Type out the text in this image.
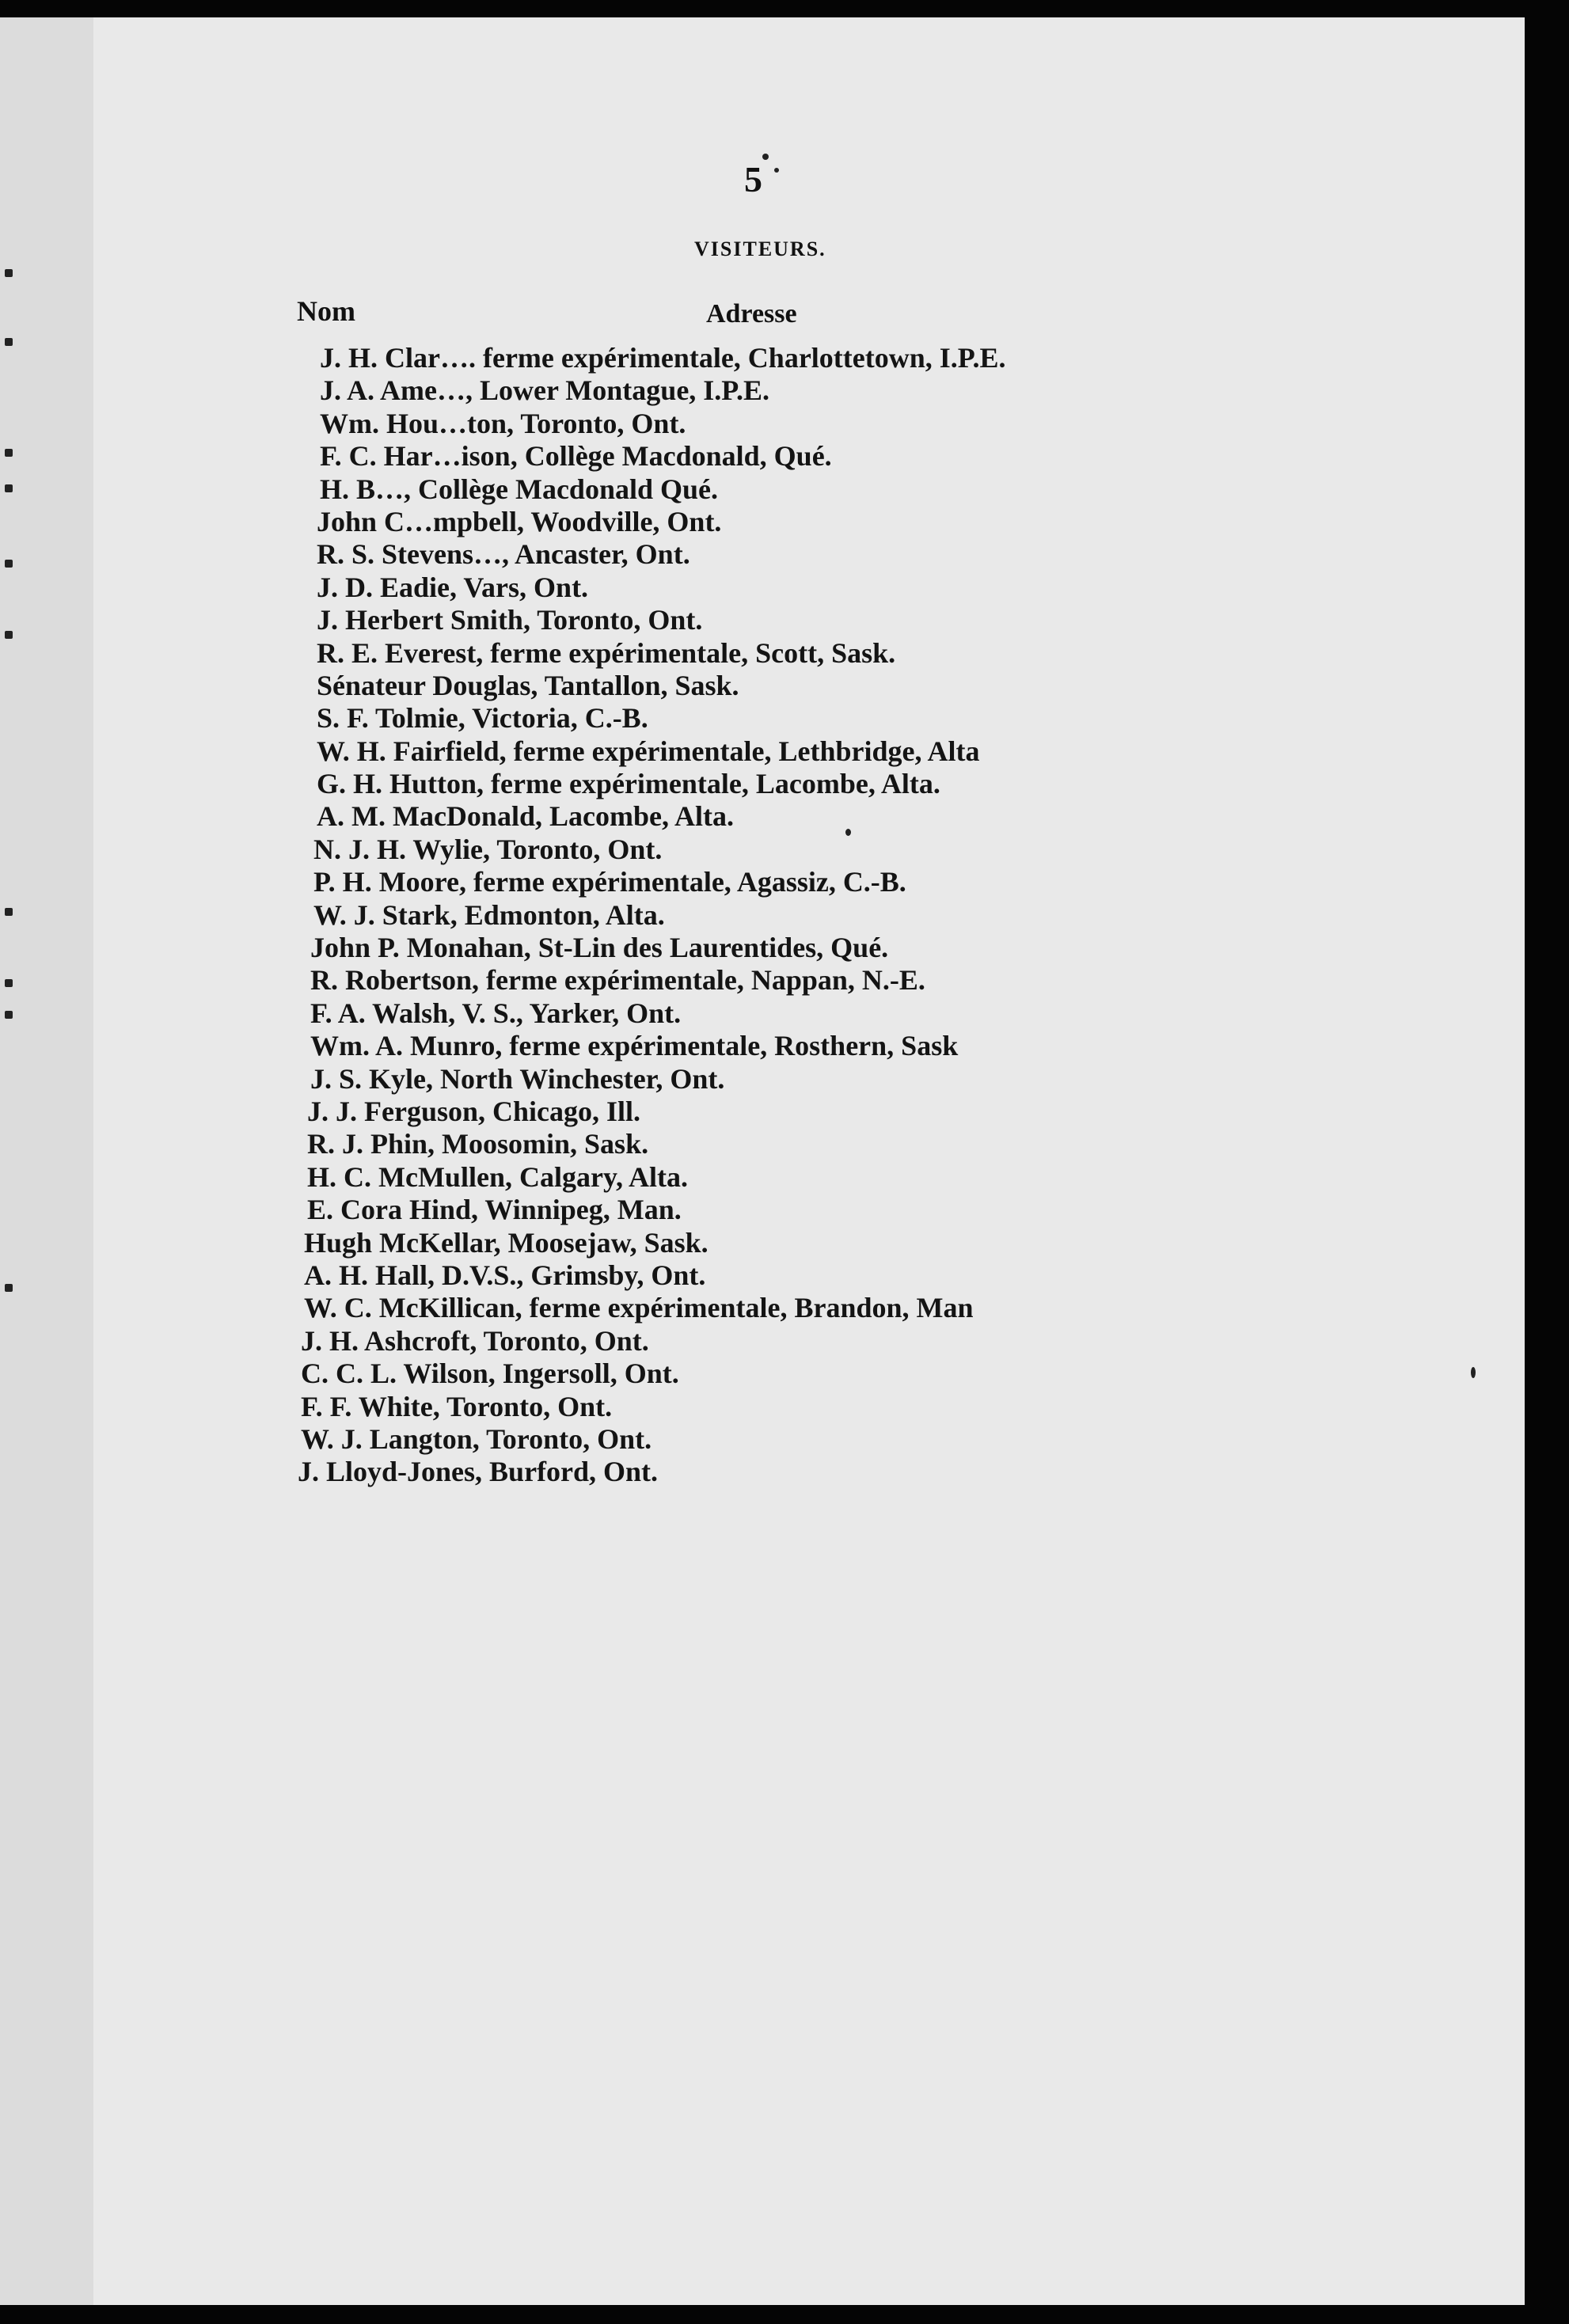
5
VISITEURS.
Nom	Adresse
J. H. Clar…. ferme expérimentale, Charlottetown, I.P.E.
J. A. Ame…, Lower Montague, I.P.E.
Wm. Hou…ton, Toronto, Ont.
F. C. Har…ison, Collège Macdonald, Qué.
H. B…, Collège Macdonald Qué.
John C…mpbell, Woodville, Ont.
R. S. Stevens…, Ancaster, Ont.
J. D. Eadie, Vars, Ont.
J. Herbert Smith, Toronto, Ont.
R. E. Everest, ferme expérimentale, Scott, Sask.
Sénateur Douglas, Tantallon, Sask.
S. F. Tolmie, Victoria, C.-B.
W. H. Fairfield, ferme expérimentale, Lethbridge, Alta
G. H. Hutton, ferme expérimentale, Lacombe, Alta.
A. M. MacDonald, Lacombe, Alta.
N. J. H. Wylie, Toronto, Ont.
P. H. Moore, ferme expérimentale, Agassiz, C.-B.
W. J. Stark, Edmonton, Alta.
John P. Monahan, St-Lin des Laurentides, Qué.
R. Robertson, ferme expérimentale, Nappan, N.-E.
F. A. Walsh, V. S., Yarker, Ont.
Wm. A. Munro, ferme expérimentale, Rosthern, Sask
J. S. Kyle, North Winchester, Ont.
J. J. Ferguson, Chicago, Ill.
R. J. Phin, Moosomin, Sask.
H. C. McMullen, Calgary, Alta.
E. Cora Hind, Winnipeg, Man.
Hugh McKellar, Moosejaw, Sask.
A. H. Hall, D.V.S., Grimsby, Ont.
W. C. McKillican, ferme expérimentale, Brandon, Man
J. H. Ashcroft, Toronto, Ont.
C. C. L. Wilson, Ingersoll, Ont.
F. F. White, Toronto, Ont.
W. J. Langton, Toronto, Ont.
J. Lloyd-Jones, Burford, Ont.
